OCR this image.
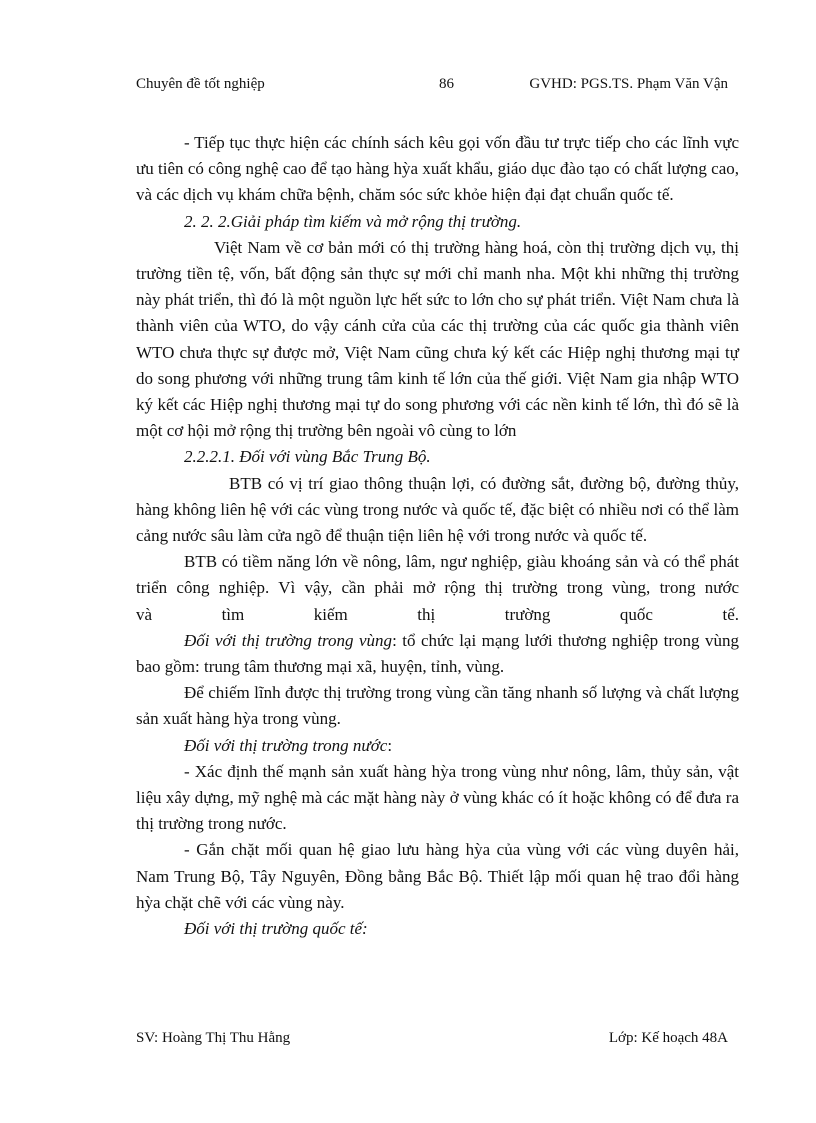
Chuyên đề tốt nghiệp	86	GVHD: PGS.TS. Phạm Văn Vận

- Tiếp tục thực hiện các chính sách kêu gọi vốn đầu tư trực tiếp cho các lĩnh vực ưu tiên có công nghệ cao để tạo hàng hỳa xuất khẩu, giáo dục đào tạo có chất lượng cao, và các dịch vụ khám chữa bệnh, chăm sóc sức khỏe hiện đại đạt chuẩn quốc tế.

2. 2. 2.Giải pháp tìm kiếm và mở rộng thị trường.

Việt Nam về cơ bản mới có thị trường hàng hoá, còn thị trường dịch vụ, thị trường tiền tệ, vốn, bất động sản thực sự mới chỉ manh nha. Một khi những thị trường này phát triển, thì đó là một nguồn lực hết sức to lớn cho sự phát triển. Việt Nam chưa là thành viên của WTO, do vậy cánh cửa của các thị trường của các quốc gia thành viên WTO chưa thực sự được mở, Việt Nam cũng chưa ký kết các Hiệp nghị thương mại tự do song phương với những trung tâm kinh tế lớn của thế giới. Việt Nam gia nhập WTO ký kết các Hiệp nghị thương mại tự do song phương với các nền kinh tế lớn, thì đó sẽ là một cơ hội mở rộng thị trường bên ngoài vô cùng to lớn

2.2.2.1. Đối với vùng Bắc Trung Bộ.

BTB có vị trí giao thông thuận lợi, có đường sắt, đường bộ, đường thủy, hàng không liên hệ với các vùng trong nước và quốc tế, đặc biệt có nhiều nơi có thể làm cảng nước sâu làm cửa ngõ để thuận tiện liên hệ với trong nước và quốc tế.

BTB có tiềm năng lớn về nông, lâm, ngư nghiệp, giàu khoáng sản và có thể phát triển công nghiệp. Vì vậy, cần phải mở rộng thị trường trong vùng, trong nước

và tìm kiếm thị trường quốc tế.

Đối với thị trường trong vùng: tổ chức lại mạng lưới thương nghiệp trong vùng bao gồm: trung tâm thương mại xã, huyện, tỉnh, vùng.

Để chiếm lĩnh được thị trường trong vùng cần tăng nhanh số lượng và chất lượng sản xuất hàng hỳa trong vùng.

Đối với thị trường trong nước:

- Xác định thế mạnh sản xuất hàng hỳa trong vùng như nông, lâm, thủy sản, vật liệu xây dựng, mỹ nghệ mà các mặt hàng này ở vùng khác có ít hoặc không có để đưa ra thị trường trong nước.

- Gắn chặt mối quan hệ giao lưu hàng hỳa của vùng với các vùng duyên hải, Nam Trung Bộ, Tây Nguyên, Đồng bằng Bắc Bộ. Thiết lập mối quan hệ trao đổi hàng hỳa chặt chẽ với các vùng này.

Đối với thị trường quốc tế:

SV: Hoàng Thị Thu Hằng	Lớp: Kế hoạch 48A
